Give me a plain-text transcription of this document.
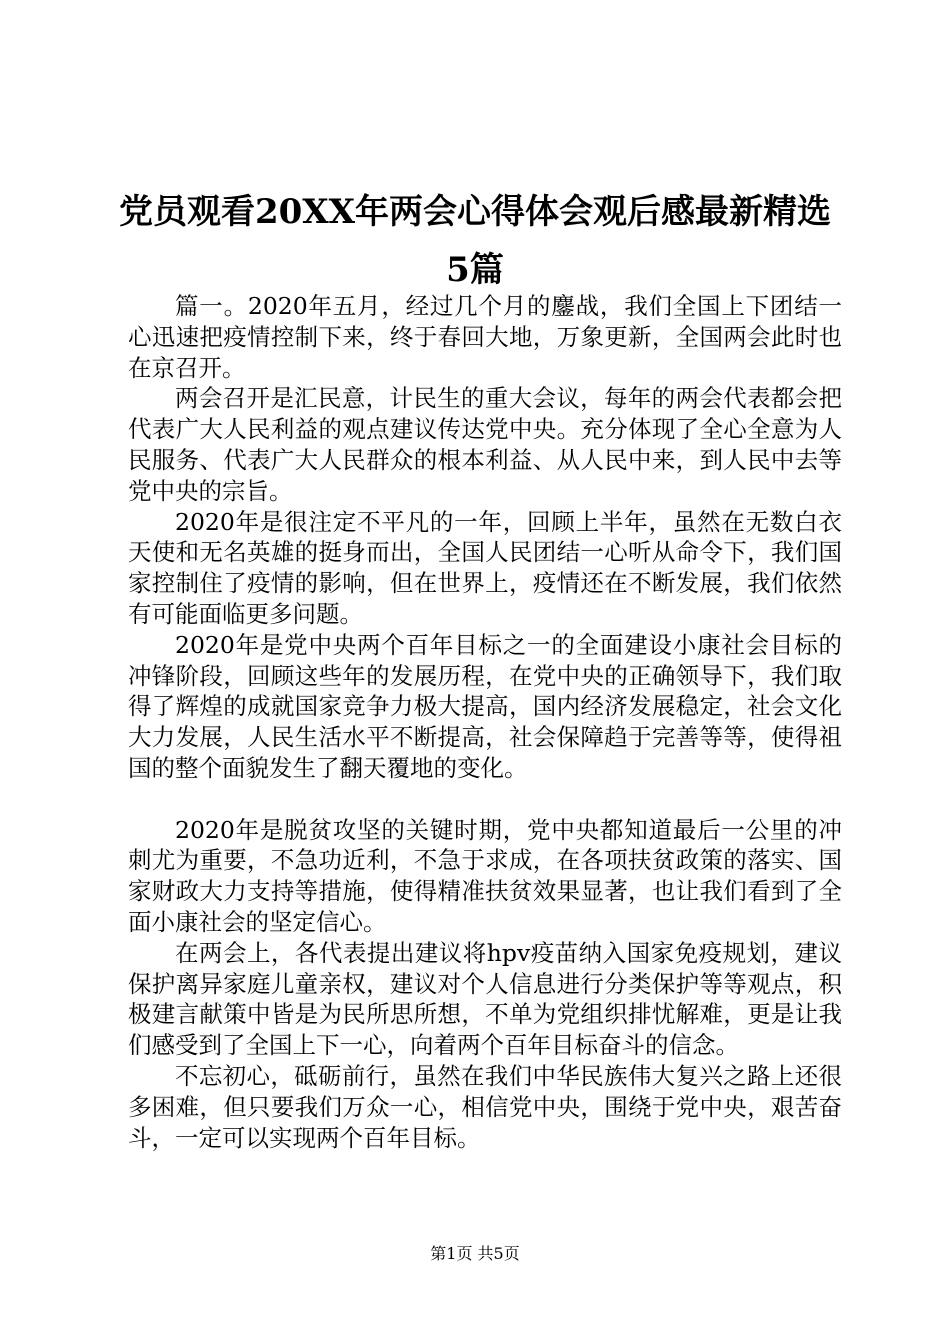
党员观看20XX年两会心得体会观后感最新精选5篇

篇一。2020年五月，经过几个月的鏖战，我们全国上下团结一心迅速把疫情控制下来，终于春回大地，万象更新，全国两会此时也在京召开。

两会召开是汇民意，计民生的重大会议，每年的两会代表都会把代表广大人民利益的观点建议传达党中央。充分体现了全心全意为人民服务、代表广大人民群众的根本利益、从人民中来，到人民中去等党中央的宗旨。

2020年是很注定不平凡的一年，回顾上半年，虽然在无数白衣天使和无名英雄的挺身而出，全国人民团结一心听从命令下，我们国家控制住了疫情的影响，但在世界上，疫情还在不断发展，我们依然有可能面临更多问题。

2020年是党中央两个百年目标之一的全面建设小康社会目标的冲锋阶段，回顾这些年的发展历程，在党中央的正确领导下，我们取得了辉煌的成就国家竞争力极大提高，国内经济发展稳定，社会文化大力发展，人民生活水平不断提高，社会保障趋于完善等等，使得祖国的整个面貌发生了翻天覆地的变化。

2020年是脱贫攻坚的关键时期，党中央都知道最后一公里的冲刺尤为重要，不急功近利，不急于求成，在各项扶贫政策的落实、国家财政大力支持等措施，使得精准扶贫效果显著，也让我们看到了全面小康社会的坚定信心。

在两会上，各代表提出建议将hpv疫苗纳入国家免疫规划，建议保护离异家庭儿童亲权，建议对个人信息进行分类保护等等观点，积极建言献策中皆是为民所思所想，不单为党组织排忧解难，更是让我们感受到了全国上下一心，向着两个百年目标奋斗的信念。

不忘初心，砥砺前行，虽然在我们中华民族伟大复兴之路上还很多困难，但只要我们万众一心，相信党中央，围绕于党中央，艰苦奋斗，一定可以实现两个百年目标。

第1页 共5页
